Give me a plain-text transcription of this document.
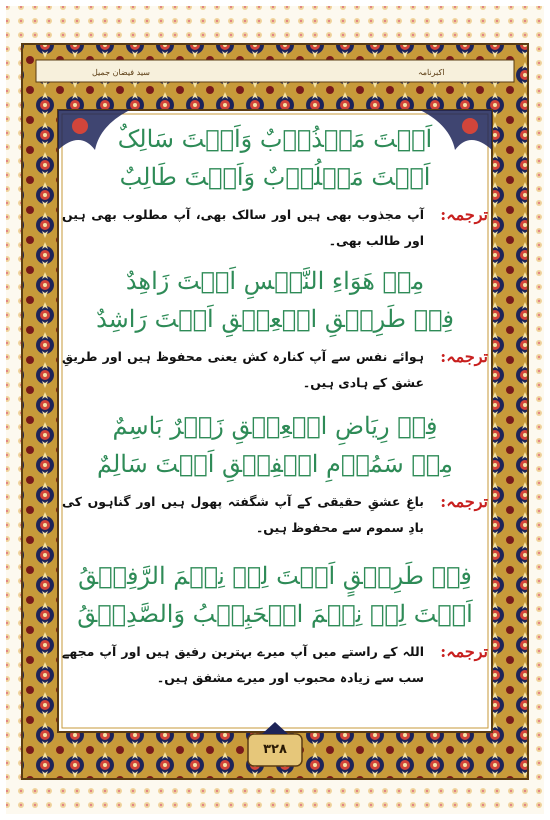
سید فیضان جمیل	اکبرنامہ

اَنۡتَ مَجۡذُوۡبٌ وَاَنۡتَ سَالِکٌ

اَنۡتَ مَطۡلُوۡبٌ وَاَنۡتَ طَالِبٌ

ترجمہ:
آپ مجذوب بھی ہیں اور سالک بھی، آپ مطلوب بھی ہیں اور طالب بھی۔

مِنۡ هَوَاءِ النَّفۡسِ اَنۡتَ زَاهِدٌ

فِیۡ طَرِیۡقِ الۡعِشۡقِ اَنۡتَ رَاشِدٌ

ترجمہ:
ہوائے نفس سے آپ کنارہ کش یعنی محفوظ ہیں اور طریقِ عشق کے ہادی ہیں۔

فِیۡ رِیَاضِ الۡعِشۡقِ زَهۡرٌ بَاسِمٌ

مِنۡ سَمُوۡمِ الۡفِسۡقِ اَنۡتَ سَالِمٌ

ترجمہ:
باغِ عشقِ حقیقی کے آپ شگفتہ پھول ہیں اور گناہوں کی بادِ سموم سے محفوظ ہیں۔

فِیۡ طَرِیۡقٍ اَنۡتَ لِیۡ نِعۡمَ الرَّفِیۡقُ

اَنۡتَ لِیۡ نِعۡمَ الۡحَبِیۡبُ وَالصَّدِیۡقُ

ترجمہ:
اللہ کے راستے میں آپ میرے بہترین رفیق ہیں اور آپ مجھے سب سے زیادہ محبوب اور میرے مشفق ہیں۔
۳۲۸
